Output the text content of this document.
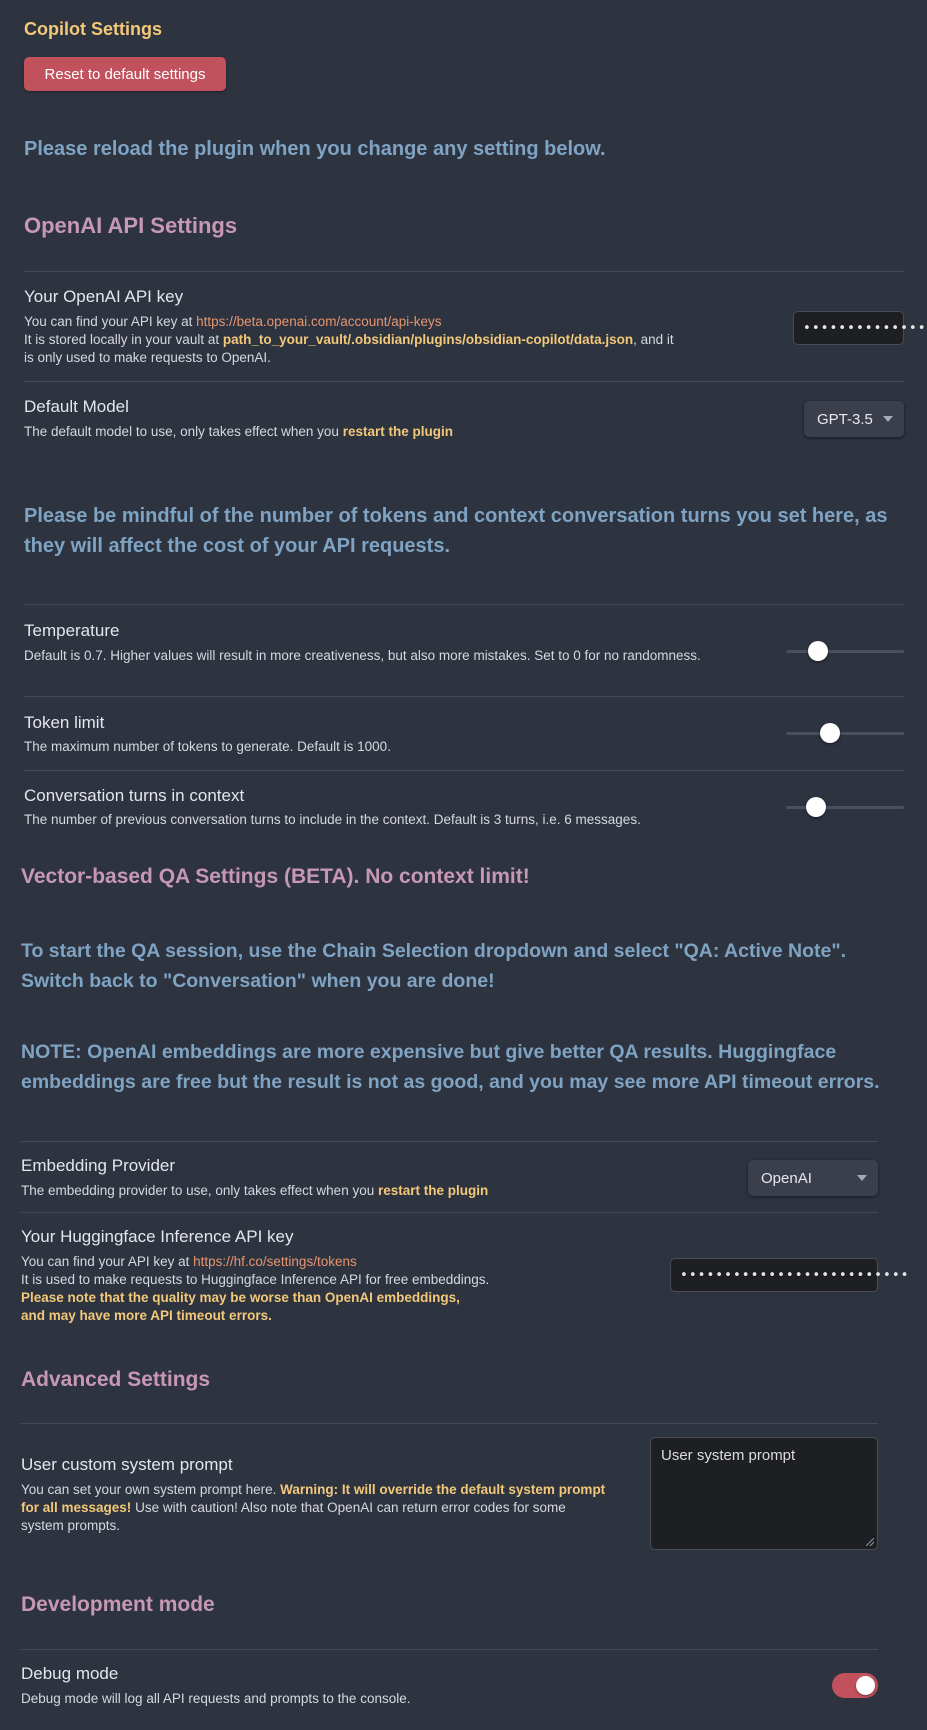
Copilot Settings
Reset to default settings
Please reload the plugin when you change any setting below.
OpenAI API Settings
Your OpenAI API key
You can find your API key at https://beta.openai.com/account/api-keys
It is stored locally in your vault at path_to_your_vault/.obsidian/plugins/obsidian-copilot/data.json, and it
is only used to make requests to OpenAI.
••••••••••••••
Default Model
The default model to use, only takes effect when you restart the plugin
GPT-3.5
Please be mindful of the number of tokens and context conversation turns you set here, as they will affect the cost of your API requests.
Temperature
Default is 0.7. Higher values will result in more creativeness, but also more mistakes. Set to 0 for no randomness.
Token limit
The maximum number of tokens to generate. Default is 1000.
Conversation turns in context
The number of previous conversation turns to include in the context. Default is 3 turns, i.e. 6 messages.
Vector-based QA Settings (BETA). No context limit!
To start the QA session, use the Chain Selection dropdown and select "QA: Active Note". Switch back to "Conversation" when you are done!
NOTE: OpenAI embeddings are more expensive but give better QA results. Huggingface embeddings are free but the result is not as good, and you may see more API timeout errors.
Embedding Provider
The embedding provider to use, only takes effect when you restart the plugin
OpenAI
Your Huggingface Inference API key
You can find your API key at https://hf.co/settings/tokens
It is used to make requests to Huggingface Inference API for free embeddings.
Please note that the quality may be worse than OpenAI embeddings,
and may have more API timeout errors.
••••••••••••••••••••••••••
Advanced Settings
User custom system prompt
You can set your own system prompt here. Warning: It will override the default system prompt for all messages! Use with caution! Also note that OpenAI can return error codes for some system prompts.
User system prompt
Development mode
Debug mode
Debug mode will log all API requests and prompts to the console.
